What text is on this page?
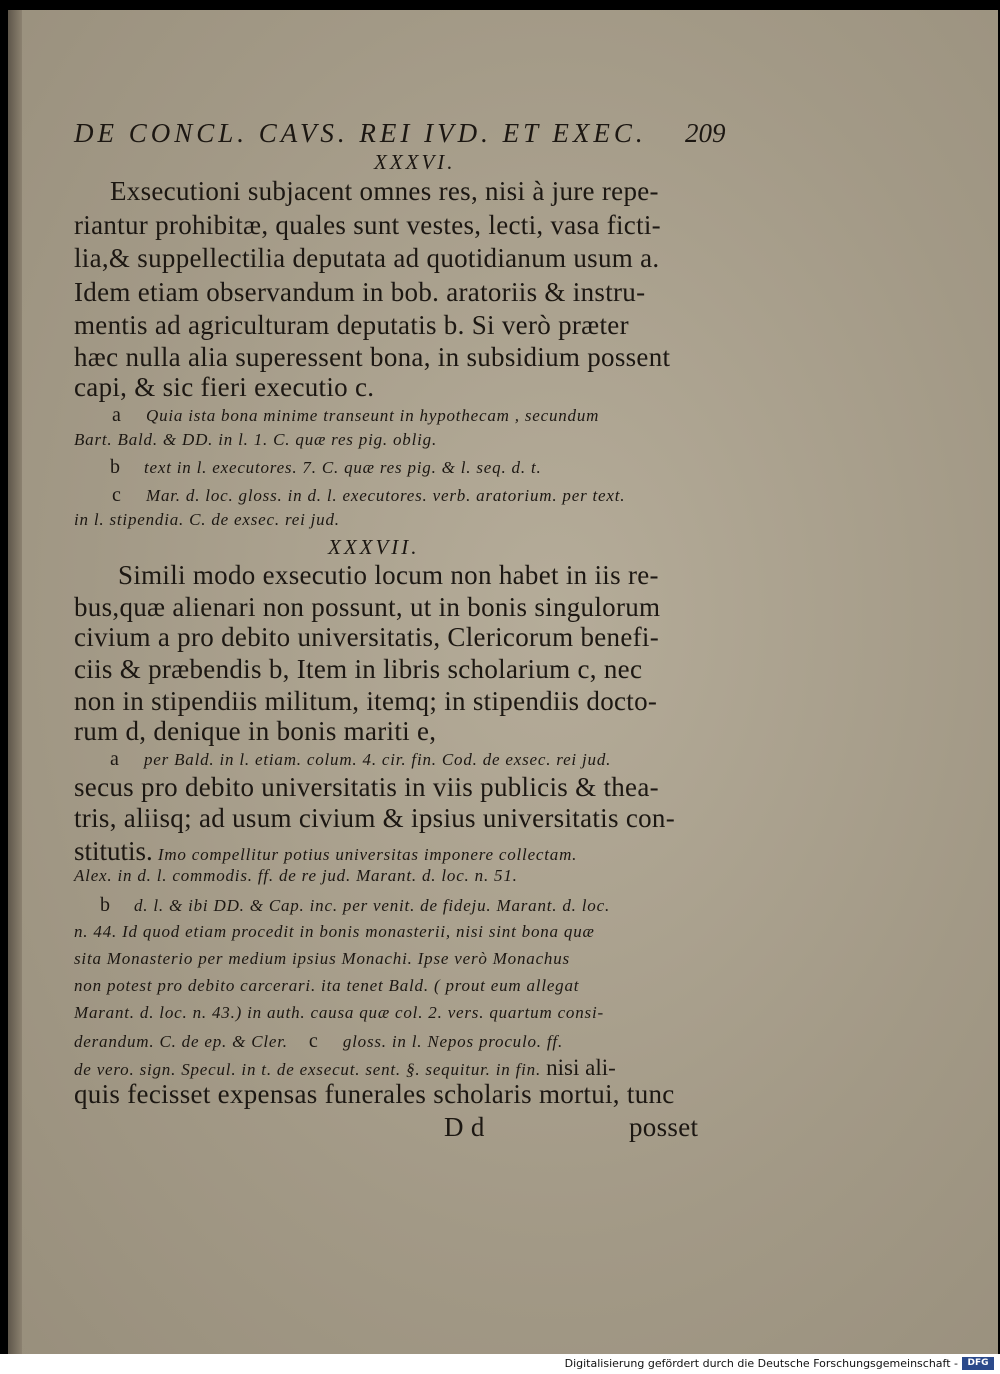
DE CONCL. CAVS. REI IVD. ET EXEC.
XXXVI.
Exsecutioni subjacent omnes res, nisi à jure repe-
riantur prohibitæ, quales sunt vestes, lecti, vasa ficti-
lia,& suppellectilia deputata ad quotidianum usum a.
Idem etiam observandum in bob. aratoriis & instru-
mentis ad agriculturam deputatis b. Si verò præter
hæc nulla alia superessent bona, in subsidium possent
capi, & sic fieri executio c.
a Quia ista bona minime transeunt in hypothecam , secundum
Bart. Bald. & DD. in l. 1. C. quæ res pig. oblig.
b text in l. executores. 7. C. quæ res pig. & l. seq. d. t.
c Mar. d. loc. gloss. in d. l. executores. verb. aratorium. per text.
in l. stipendia. C. de exsec. rei jud.
XXXVII.
Simili modo exsecutio locum non habet in iis re-
bus,quæ alienari non possunt, ut in bonis singulorum
civium a pro debito universitatis, Clericorum benefi-
ciis & præbendis b, Item in libris scholarium c, nec
non in stipendiis militum, itemq; in stipendiis docto-
rum d, denique in bonis mariti e,
a per Bald. in l. etiam. colum. 4. cir. fin. Cod. de exsec. rei jud.
secus pro debito universitatis in viis publicis & thea-
tris, aliisq; ad usum civium & ipsius universitatis con-
stitutis. Imo compellitur potius universitas imponere collectam.
Alex. in d. l. commodis. ff. de re jud. Marant. d. loc. n. 51.
b d. l. & ibi DD. & Cap. inc. per venit. de fideju. Marant. d. loc.
n. 44. Id quod etiam procedit in bonis monasterii, nisi sint bona quæ
sita Monasterio per medium ipsius Monachi. Ipse verò Monachus
non potest pro debito carcerari. ita tenet Bald. ( prout eum allegat
Marant. d. loc. n. 43.) in auth. causa quæ col. 2. vers. quartum consi-
derandum. C. de ep. & Cler. c gloss. in l. Nepos proculo. ff.
de vero. sign. Specul. in t. de exsecut. sent. §. sequitur. in fin. nisi ali-
quis fecisset expensas funerales scholaris mortui, tunc
D d	posset
209
Digitalisierung gefördert durch die Deutsche Forschungsgemeinschaft -	DFG
